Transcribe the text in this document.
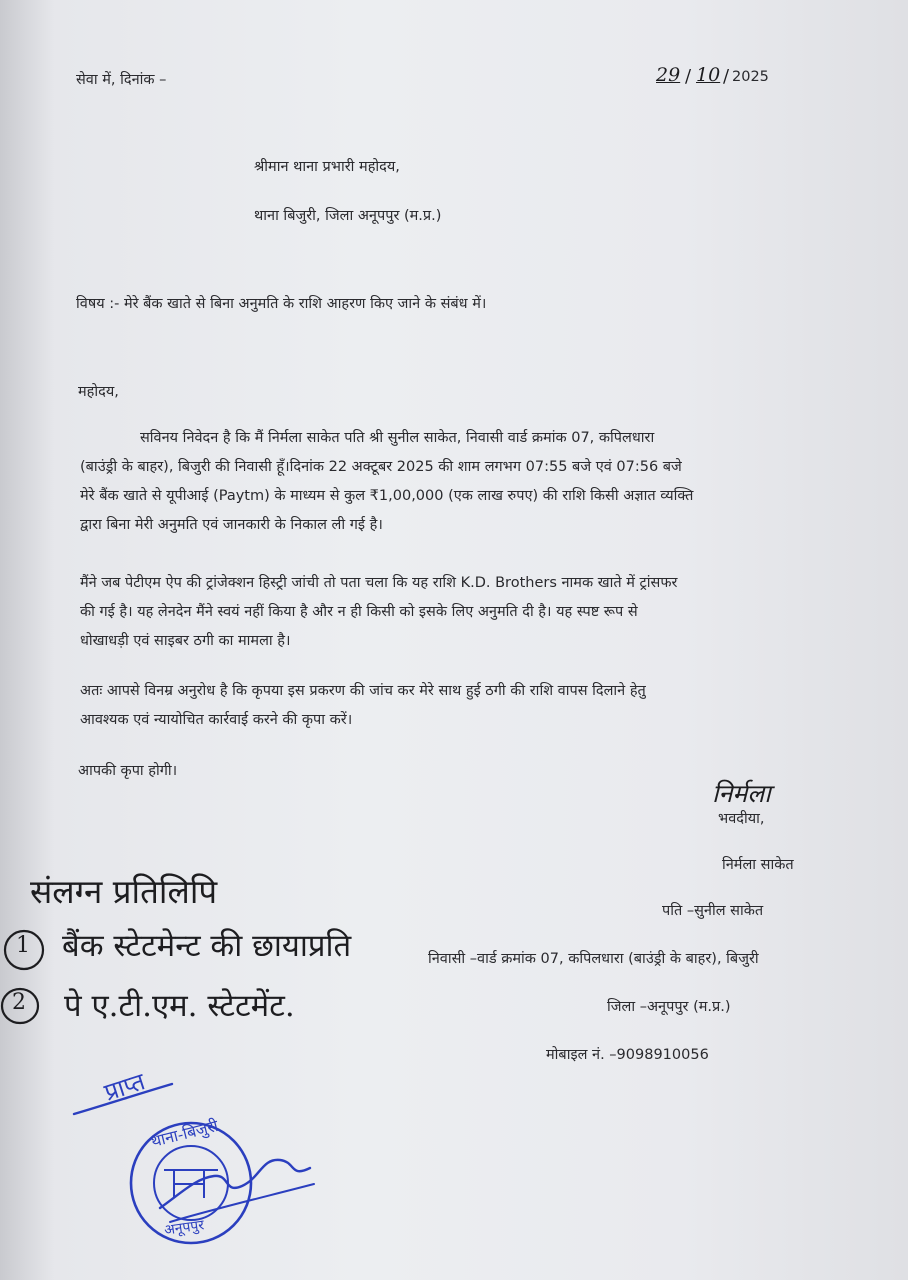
सेवा में, दिनांक –	29 / 10 / 2025
श्रीमान थाना प्रभारी महोदय,
थाना बिजुरी, जिला अनूपपुर (म.प्र.)
विषय :- मेरे बैंक खाते से बिना अनुमति के राशि आहरण किए जाने के संबंध में।
महोदय,
सविनय निवेदन है कि मैं निर्मला साकेत पति श्री सुनील साकेत, निवासी वार्ड क्रमांक 07, कपिलधारा
(बाउंड्री के बाहर), बिजुरी की निवासी हूँ।दिनांक 22 अक्टूबर 2025 की शाम लगभग 07:55 बजे एवं 07:56 बजे
मेरे बैंक खाते से यूपीआई (Paytm) के माध्यम से कुल ₹1,00,000 (एक लाख रुपए) की राशि किसी अज्ञात व्यक्ति
द्वारा बिना मेरी अनुमति एवं जानकारी के निकाल ली गई है।
मैंने जब पेटीएम ऐप की ट्रांजेक्शन हिस्ट्री जांची तो पता चला कि यह राशि K.D. Brothers नामक खाते में ट्रांसफर
की गई है। यह लेनदेन मैंने स्वयं नहीं किया है और न ही किसी को इसके लिए अनुमति दी है। यह स्पष्ट रूप से
धोखाधड़ी एवं साइबर ठगी का मामला है।
अतः आपसे विनम्र अनुरोध है कि कृपया इस प्रकरण की जांच कर मेरे साथ हुई ठगी की राशि वापस दिलाने हेतु
आवश्यक एवं न्यायोचित कार्रवाई करने की कृपा करें।
आपकी कृपा होगी।
निर्मला
भवदीया,
निर्मला साकेत
पति –सुनील साकेत
निवासी –वार्ड क्रमांक 07, कपिलधारा (बाउंड्री के बाहर), बिजुरी
जिला –अनूपपुर (म.प्र.)
मोबाइल नं. –9098910056
संलग्न प्रतिलिपि
1 बैंक स्टेटमेन्ट की छायाप्रति
2 पे ए.टी.एम. स्टेटमेंट.
प्राप्त
थाना-बिजुरी
अनूपपुर
